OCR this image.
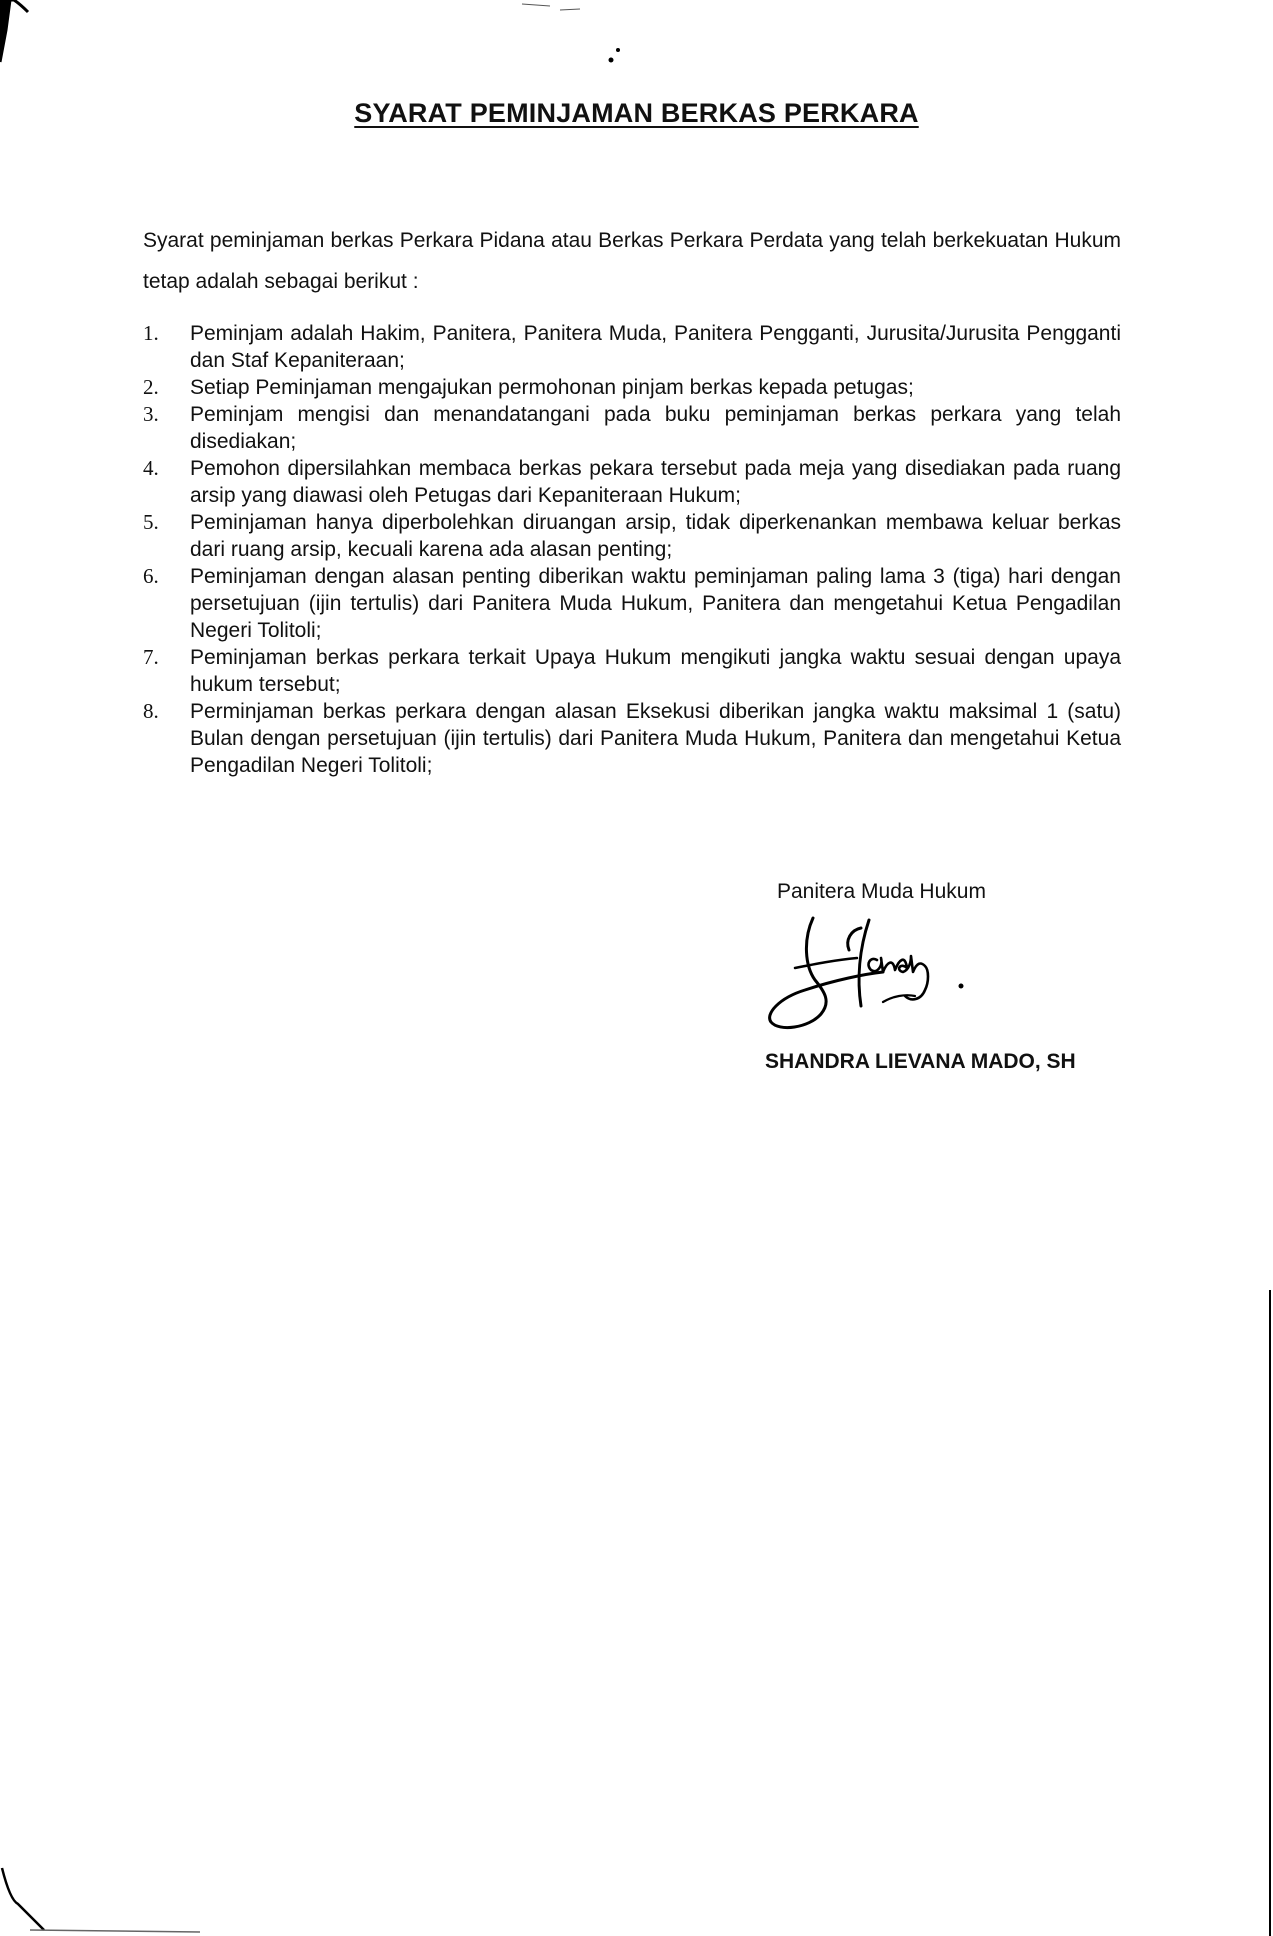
SYARAT PEMINJAMAN BERKAS PERKARA

Syarat peminjaman berkas Perkara Pidana atau Berkas Perkara Perdata yang telah berkekuatan Hukum tetap adalah sebagai berikut :

1. Peminjam adalah Hakim, Panitera, Panitera Muda, Panitera Pengganti, Jurusita/Jurusita Pengganti dan Staf Kepaniteraan;
2. Setiap Peminjaman mengajukan permohonan pinjam berkas kepada petugas;
3. Peminjam mengisi dan menandatangani pada buku peminjaman berkas perkara yang telah disediakan;
4. Pemohon dipersilahkan membaca berkas pekara tersebut pada meja yang disediakan pada ruang arsip yang diawasi oleh Petugas dari Kepaniteraan Hukum;
5. Peminjaman hanya diperbolehkan diruangan arsip, tidak diperkenankan membawa keluar berkas dari ruang arsip, kecuali karena ada alasan penting;
6. Peminjaman dengan alasan penting diberikan waktu peminjaman paling lama 3 (tiga) hari dengan persetujuan (ijin tertulis) dari Panitera Muda Hukum, Panitera dan mengetahui Ketua Pengadilan Negeri Tolitoli;
7. Peminjaman berkas perkara terkait Upaya Hukum mengikuti jangka waktu sesuai dengan upaya hukum tersebut;
8. Perminjaman berkas perkara dengan alasan Eksekusi diberikan jangka waktu maksimal 1 (satu) Bulan dengan persetujuan (ijin tertulis) dari Panitera Muda Hukum, Panitera dan mengetahui Ketua Pengadilan Negeri Tolitoli;
Panitera Muda Hukum
SHANDRA LIEVANA MADO, SH
